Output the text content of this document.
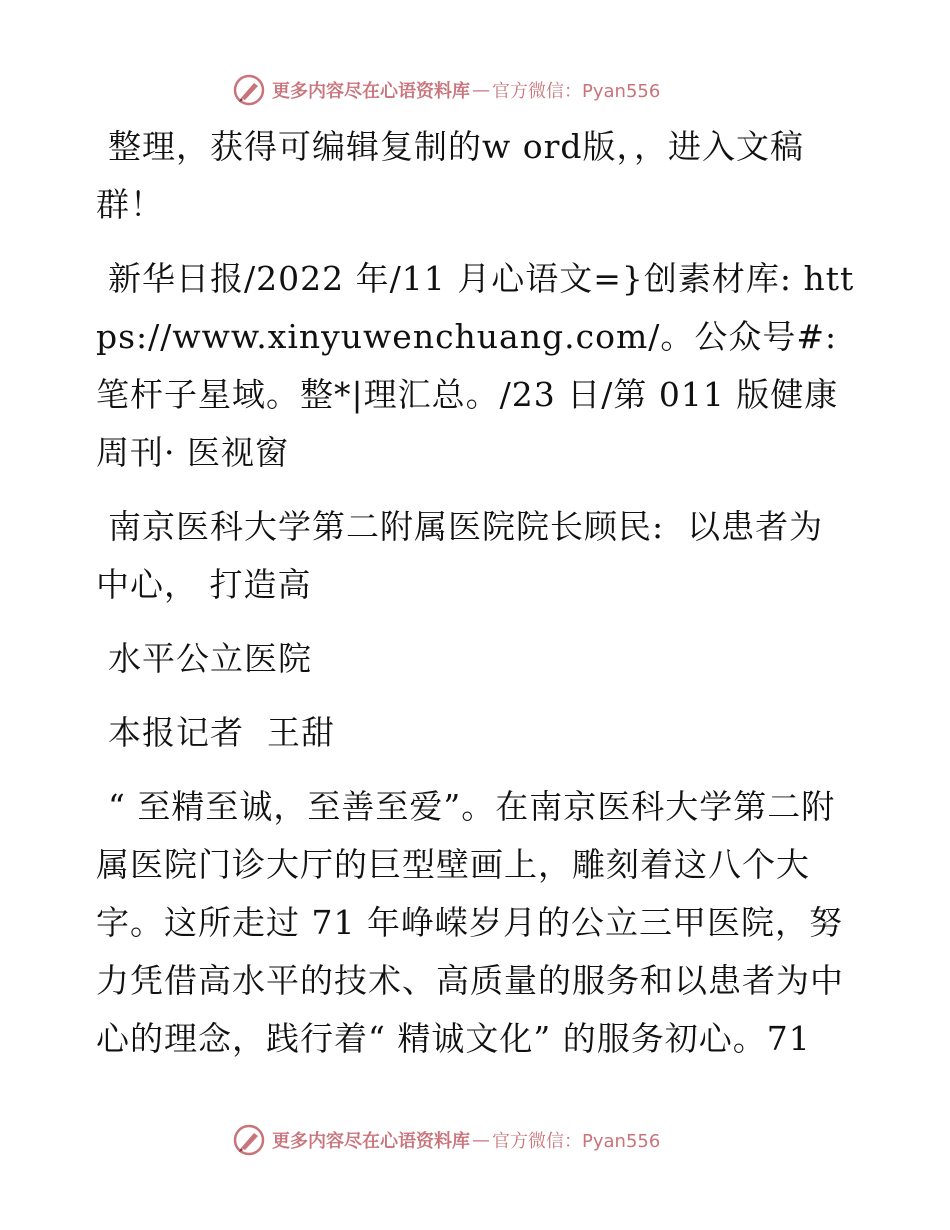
更多内容尽在心语资料库 — 官方微信：Pyan556

整理，获得可编辑复制的w ord版，，进入文稿群！

新华日报/2022 年/11 月心语文=}创素材库: https://www.xinyuwenchuang.com/。公众号#: 笔杆子星域。整*|理汇总。/23 日/第 011 版健康周刊· 医视窗

南京医科大学第二附属医院院长顾民:  以患者为中心， 打造高

水平公立医院

本报记者  王甜

“ 至精至诚，至善至爱”。在南京医科大学第二附属医院门诊大厅的巨型壁画上，雕刻着这八个大字。这所走过 71 年峥嵘岁月的公立三甲医院，努力凭借高水平的技术、高质量的服务和以患者为中心的理念，践行着“ 精诚文化” 的服务初心。71

更多内容尽在心语资料库 — 官方微信：Pyan556
